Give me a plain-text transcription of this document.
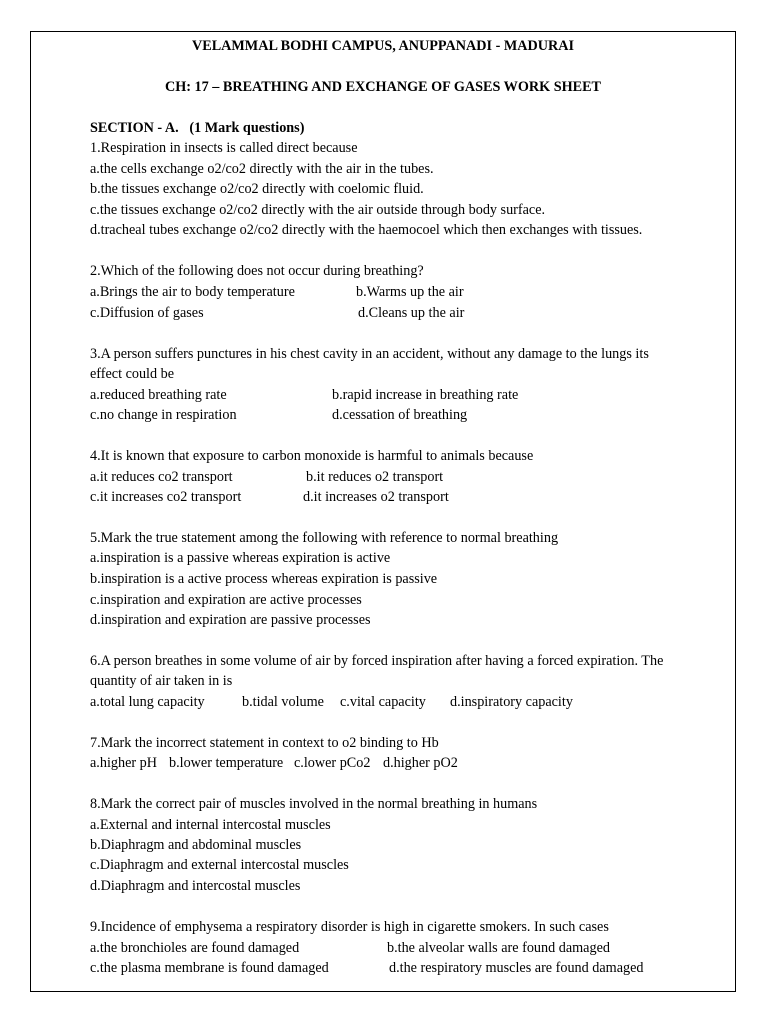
VELAMMAL BODHI CAMPUS, ANUPPANADI - MADURAI
CH: 17 – BREATHING AND EXCHANGE OF GASES WORK SHEET
SECTION - A. (1 Mark questions)
1.Respiration in insects is called direct because
a.the cells exchange o2/co2 directly with the air in the tubes.
b.the tissues exchange o2/co2 directly with coelomic fluid.
c.the tissues exchange o2/co2 directly with the air outside through body surface.
d.tracheal tubes exchange o2/co2 directly with the haemocoel which then exchanges with tissues.
2.Which of the following does not occur during breathing?
a.Brings the air to body temperature	b.Warms up the air
c.Diffusion of gases	d.Cleans up the air
3.A person suffers punctures in his chest cavity in an accident, without any damage to the lungs its
effect could be
a.reduced breathing rate	b.rapid increase in breathing rate
c.no change in respiration	d.cessation of breathing
4.It is known that exposure to carbon monoxide is harmful to animals because
a.it reduces co2 transport	b.it reduces o2 transport
c.it increases co2 transport	d.it increases o2 transport
5.Mark the true statement among the following with reference to normal breathing
a.inspiration is a passive whereas expiration is active
b.inspiration is a active process whereas expiration is passive
c.inspiration and expiration are active processes
d.inspiration and expiration are passive processes
6.A person breathes in some volume of air by forced inspiration after having a forced expiration. The
quantity of air taken in is
a.total lung capacity	b.tidal volume c.vital capacity d.inspiratory capacity
7.Mark the incorrect statement in context to o2 binding to Hb
a.higher pH b.lower temperature c.lower pCo2 d.higher pO2
8.Mark the correct pair of muscles involved in the normal breathing in humans
a.External and internal intercostal muscles
b.Diaphragm and abdominal muscles
c.Diaphragm and external intercostal muscles
d.Diaphragm and intercostal muscles
9.Incidence of emphysema a respiratory disorder is high in cigarette smokers. In such cases
a.the bronchioles are found damaged	b.the alveolar walls are found damaged
c.the plasma membrane is found damaged	d.the respiratory muscles are found damaged
